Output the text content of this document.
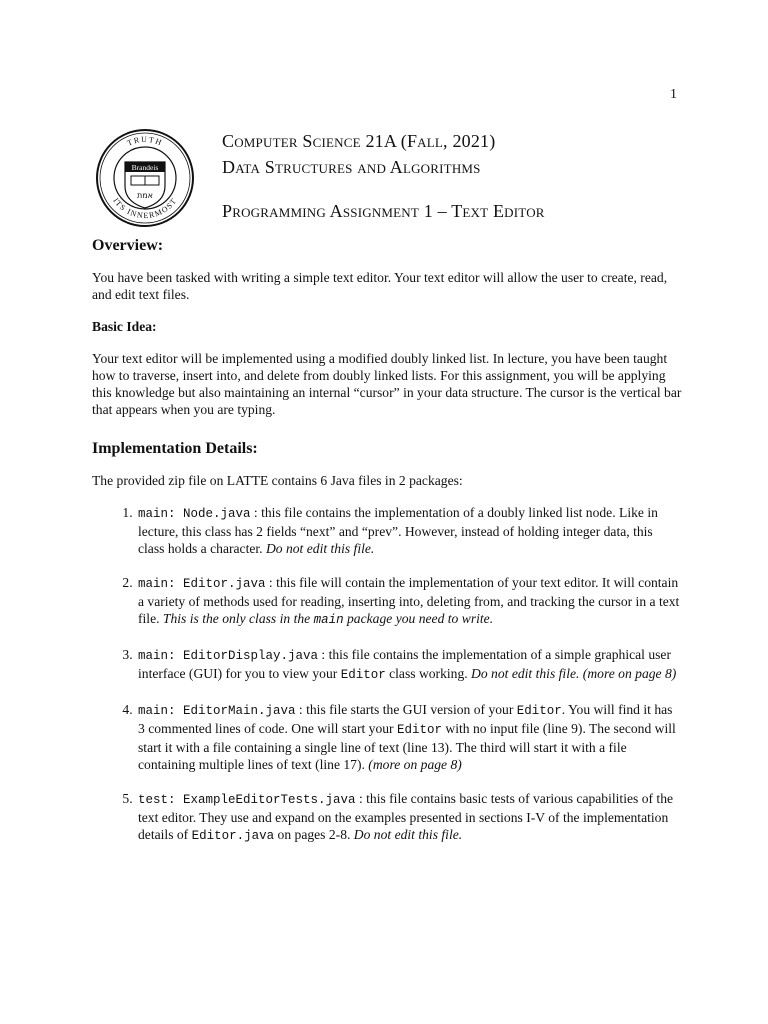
1
TRUTH
ITS INNERMOST
Brandeis
אמת
Computer Science 21A (Fall, 2021)
Data Structures and Algorithms
Programming Assignment 1 – Text Editor
Overview:

You have been tasked with writing a simple text editor. Your text editor will allow the user to create, read, and edit text files.

Basic Idea:

Your text editor will be implemented using a modified doubly linked list. In lecture, you have been taught how to traverse, insert into, and delete from doubly linked lists. For this assignment, you will be applying this knowledge but also maintaining an internal “cursor” in your data structure. The cursor is the vertical bar that appears when you are typing.

Implementation Details:

The provided zip file on LATTE contains 6 Java files in 2 packages:

1. main: Node.java : this file contains the implementation of a doubly linked list node. Like in lecture, this class has 2 fields “next” and “prev”. However, instead of holding integer data, this class holds a character. Do not edit this file.
2. main: Editor.java : this file will contain the implementation of your text editor. It will contain a variety of methods used for reading, inserting into, deleting from, and tracking the cursor in a text file. This is the only class in the main package you need to write.
3. main: EditorDisplay.java : this file contains the implementation of a simple graphical user interface (GUI) for you to view your Editor class working. Do not edit this file. (more on page 8)
4. main: EditorMain.java : this file starts the GUI version of your Editor. You will find it has 3 commented lines of code. One will start your Editor with no input file (line 9). The second will start it with a file containing a single line of text (line 13). The third will start it with a file containing multiple lines of text (line 17). (more on page 8)
5. test: ExampleEditorTests.java : this file contains basic tests of various capabilities of the text editor. They use and expand on the examples presented in sections I-V of the implementation details of Editor.java on pages 2-8. Do not edit this file.
